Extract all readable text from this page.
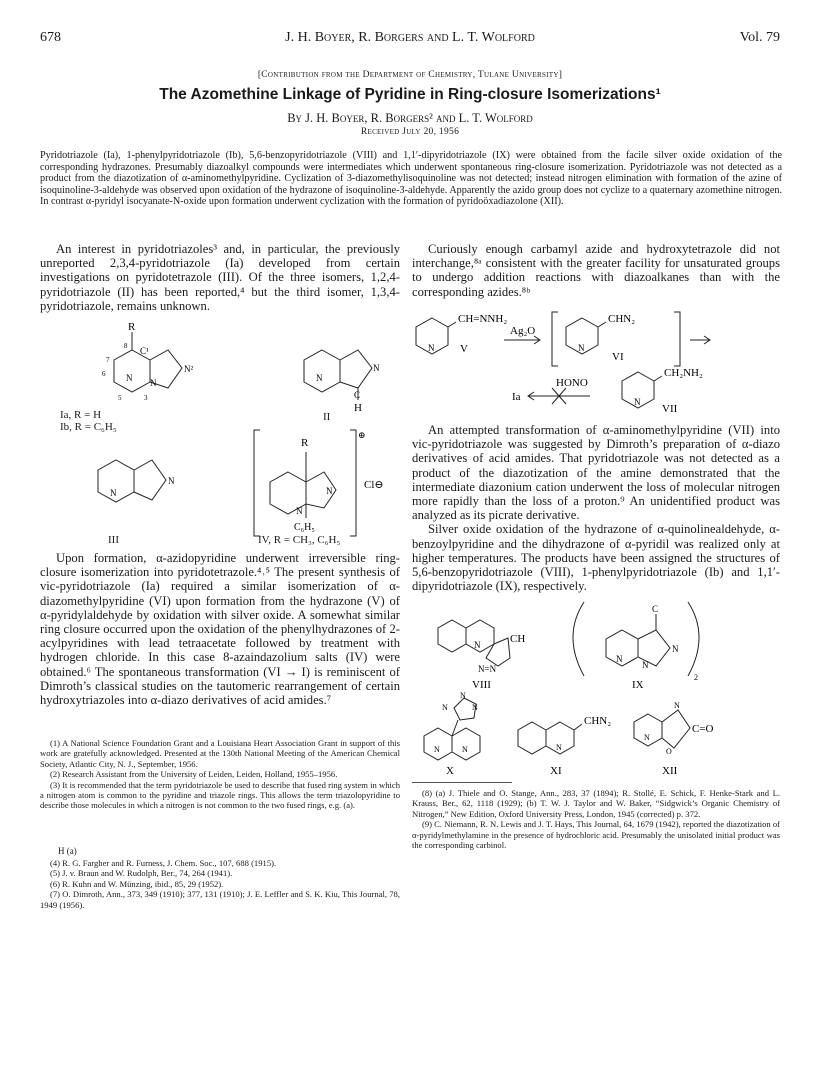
678	J. H. Boyer, R. Borgers and L. T. Wolford	Vol. 79
[Contribution from the Department of Chemistry, Tulane University]
The Azomethine Linkage of Pyridine in Ring-closure Isomerizations¹
By J. H. Boyer, R. Borgers² and L. T. Wolford
Received July 20, 1956
Pyridotriazole (Ia), 1-phenylpyridotriazole (Ib), 5,6-benzopyridotriazole (VIII) and 1,1′-dipyridotriazole (IX) were obtained from the facile silver oxide oxidation of the corresponding hydrazones. Presumably diazoalkyl compounds were intermediates which underwent spontaneous ring-closure isomerization. Pyridotriazole was not detected as a product from the diazotization of α-aminomethylpyridine. Cyclization of 3-diazomethylisoquinoline was not detected; instead nitrogen elimination with formation of the azine of isoquinoline-3-aldehyde was observed upon oxidation of the hydrazone of isoquinoline-3-aldehyde. Apparently the azido group does not cyclize to a quaternary azomethine nitrogen. In contrast α-pyridyl isocyanate-N-oxide upon formation underwent cyclization with the formation of pyridoöxadiazolone (XII).

An interest in pyridotriazoles³ and, in particular, the previously unreported 2,3,4-pyridotriazole (Ia) developed from certain investigations on pyridotetrazole (III). Of the three isomers, 1,2,4-pyridotriazole (II) has been reported,⁴ but the third isomer, 1,3,4-pyridotriazole, remains unknown.

R
N²
N N
C¹
6
7
8
5	3
N
N
C
H
Ia, R = H
Ib, R = C₆H₅
II
N
N
R
⊕
N
N
C₆H₅
Cl⊖
III	IV, R = CH₃, C₆H₅

Upon formation, α-azidopyridine underwent irreversible ring-closure isomerization into pyridotetrazole.⁴˒⁵ The present synthesis of vic-pyridotriazole (Ia) required a similar isomerization of α-diazomethylpyridine (VI) upon formation from the hydrazone (V) of α-pyridylaldehyde by oxidation with silver oxide. A somewhat similar ring closure occurred upon the oxidation of the phenylhydrazones of 2-acylpyridines with lead tetraacetate followed by treatment with hydrogen chloride. In this case 8-azaindazolium salts (IV) were obtained.⁶ The spontaneous transformation (VI → I) is reminiscent of Dimroth’s classical studies on the tautomeric rearrangement of certain hydroxytriazoles into α-diazo derivatives of acid amides.⁷

(1) A National Science Foundation Grant and a Louisiana Heart Association Grant in support of this work are gratefully acknowledged. Presented at the 130th National Meeting of the American Chemical Society, Atlantic City, N. J., September, 1956.

(2) Research Assistant from the University of Leiden, Leiden, Holland, 1955–1956.

(3) It is recommended that the term pyridotriazole be used to describe that fused ring system in which a nitrogen atom is common to the pyridine and triazole rings. This allows the term triazolopyridine to describe those molecules in which a nitrogen is not common to the two fused rings, e.g. (a).

H (a)

(4) R. G. Fargher and R. Furness, J. Chem. Soc., 107, 688 (1915).

(5) J. v. Braun and W. Rudolph, Ber., 74, 264 (1941).

(6) R. Kuhn and W. Münzing, ibid., 85, 29 (1952).

(7) O. Dimroth, Ann., 373, 349 (1910); 377, 131 (1910); J. E. Leffler and S. K. Kiu, This Journal, 78, 1949 (1956).

Curiously enough carbamyl azide and hydroxytetrazole did not interchange,⁸ᵃ consistent with the greater facility for unsaturated groups to undergo addition reactions with diazoalkanes than with the corresponding azides.⁸ᵇ

CH=NNH₂
N V
Ag₂O
CHN₂
N
VI
HONO
Ia
CH₂NH₂
N
VII

An attempted transformation of α-aminomethylpyridine (VII) into vic-pyridotriazole was suggested by Dimroth’s preparation of α-diazo derivatives of acid amides. That pyridotriazole was not detected as a product of the diazotization of the amine demonstrated that the intermediate diazonium cation underwent the loss of molecular nitrogen more rapidly than the loss of a proton.⁹ An unidentified product was analyzed as its picrate derivative.

Silver oxide oxidation of the hydrazone of α-quinolinealdehyde, α-benzoylpyridine and the dihydrazone of α-pyridil was realized only at higher temperatures. The products have been assigned the structures of 5,6-benzopyridotriazole (VIII), 1-phenylpyridotriazole (Ib) and 1,1′-dipyridotriazole (IX), respectively.

CH
N
N=N
VIII
C
N
N
N
2
IX
N
N	N
N	N
X
CHN₂
N
XI
N
N
O
C=O
XII

(8) (a) J. Thiele and O. Stange, Ann., 283, 37 (1894); R. Stollé, E. Schick, F. Henke-Stark and L. Krauss, Ber., 62, 1118 (1929); (b) T. W. J. Taylor and W. Baker, “Sidgwick’s Organic Chemistry of Nitrogen,” New Edition, Oxford University Press, London, 1945 (corrected) p. 372.

(9) C. Niemann, R. N. Lewis and J. T. Hays, This Journal, 64, 1679 (1942), reported the diazotization of α-pyridylmethylamine in the presence of hydrochloric acid. Presumably the unisolated initial product was the corresponding carbinol.
